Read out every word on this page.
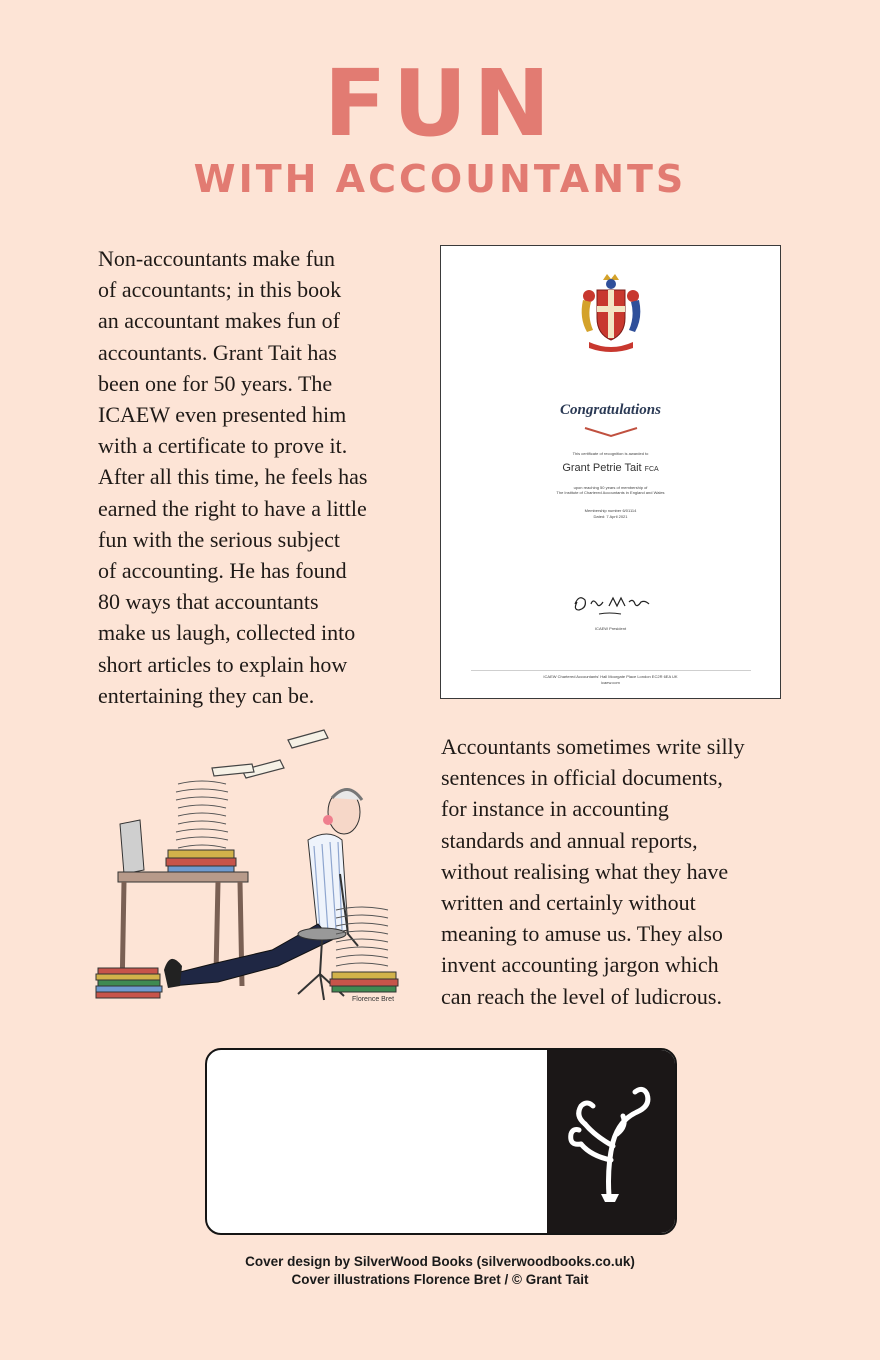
FUN
WITH ACCOUNTANTS
Non-accountants make fun
of accountants; in this book
an accountant makes fun of
accountants. Grant Tait has
been one for 50 years. The
ICAEW even presented him
with a certificate to prove it.
After all this time, he feels has
earned the right to have a little
fun with the serious subject
of accounting. He has found
80 ways that accountants
make us laugh, collected into
short articles to explain how
entertaining they can be.
Congratulations
This certificate of recognition is awarded to
Grant Petrie Tait FCA
upon reaching 50 years of membership of
The Institute of Chartered Accountants in England and Wales
Membership number 6/01114
Dated: 7 April 2021
ICAEW President
ICAEW Chartered Accountants' Hall Moorgate Place London EC2R 6EA UK
icaew.com
Florence Bret
Accountants sometimes write silly
sentences in official documents,
for instance in accounting
standards and annual reports,
without realising what they have
written and certainly without
meaning to amuse us. They also
invent accounting jargon which
can reach the level of ludicrous.
Cover design by SilverWood Books (silverwoodbooks.co.uk)
Cover illustrations Florence Bret / © Grant Tait
